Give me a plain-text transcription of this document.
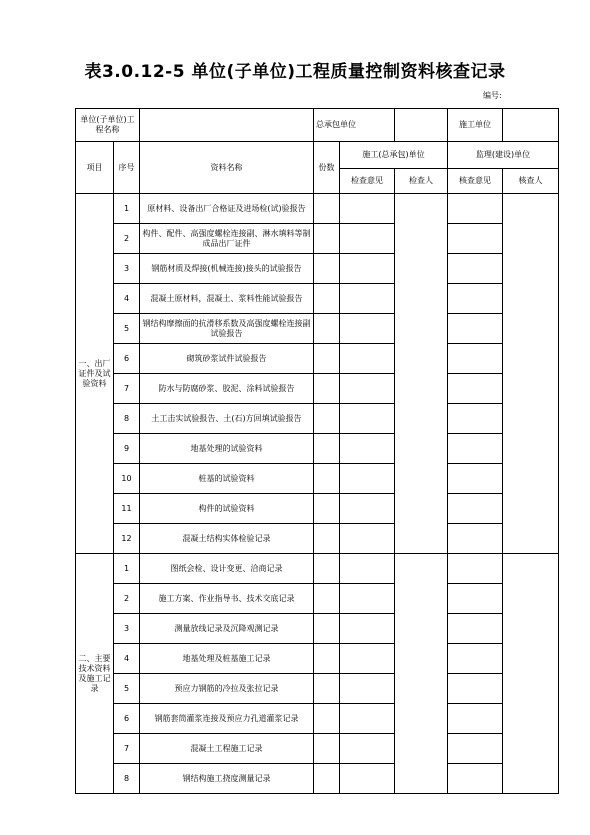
表3.0.12-5 单位(子单位)工程质量控制资料核查记录
编号:
单位(子单位)工程名称			总承包单位			施工单位	
项目	序号	资料名称	份数	施工(总承包)单位		监理(建设)单位	
				检查意见	检查人	核查意见	核查人
一、出厂证件及试验资料	1	原材料、设备出厂合格证及进场检(试)验报告					
	2	构件、配件、高强度螺栓连接副、淋水填料等制成品出厂证件					
	3	钢筋材质及焊接(机械连接)接头的试验报告					
	4	混凝土原材料，混凝土、浆料性能试验报告					
	5	钢结构摩擦面的抗滑移系数及高强度螺栓连接副试验报告					
	6	砌筑砂浆试件试验报告					
	7	防水与防腐砂浆、胶泥、涂料试验报告					
	8	土工击实试验报告、土(石)方回填试验报告					
	9	地基处理的试验资料					
	10	桩基的试验资料					
	11	构件的试验资料					
	12	混凝土结构实体检验记录					
二、主要技术资料及施工记录	1	图纸会检、设计变更、洽商记录					
	2	施工方案、作业指导书、技术交底记录					
	3	测量放线记录及沉降观测记录					
	4	地基处理及桩基施工记录					
	5	预应力钢筋的冷拉及张拉记录					
	6	钢筋套筒灌浆连接及预应力孔道灌浆记录					
	7	混凝土工程施工记录					
	8	钢结构施工挠度测量记录					
